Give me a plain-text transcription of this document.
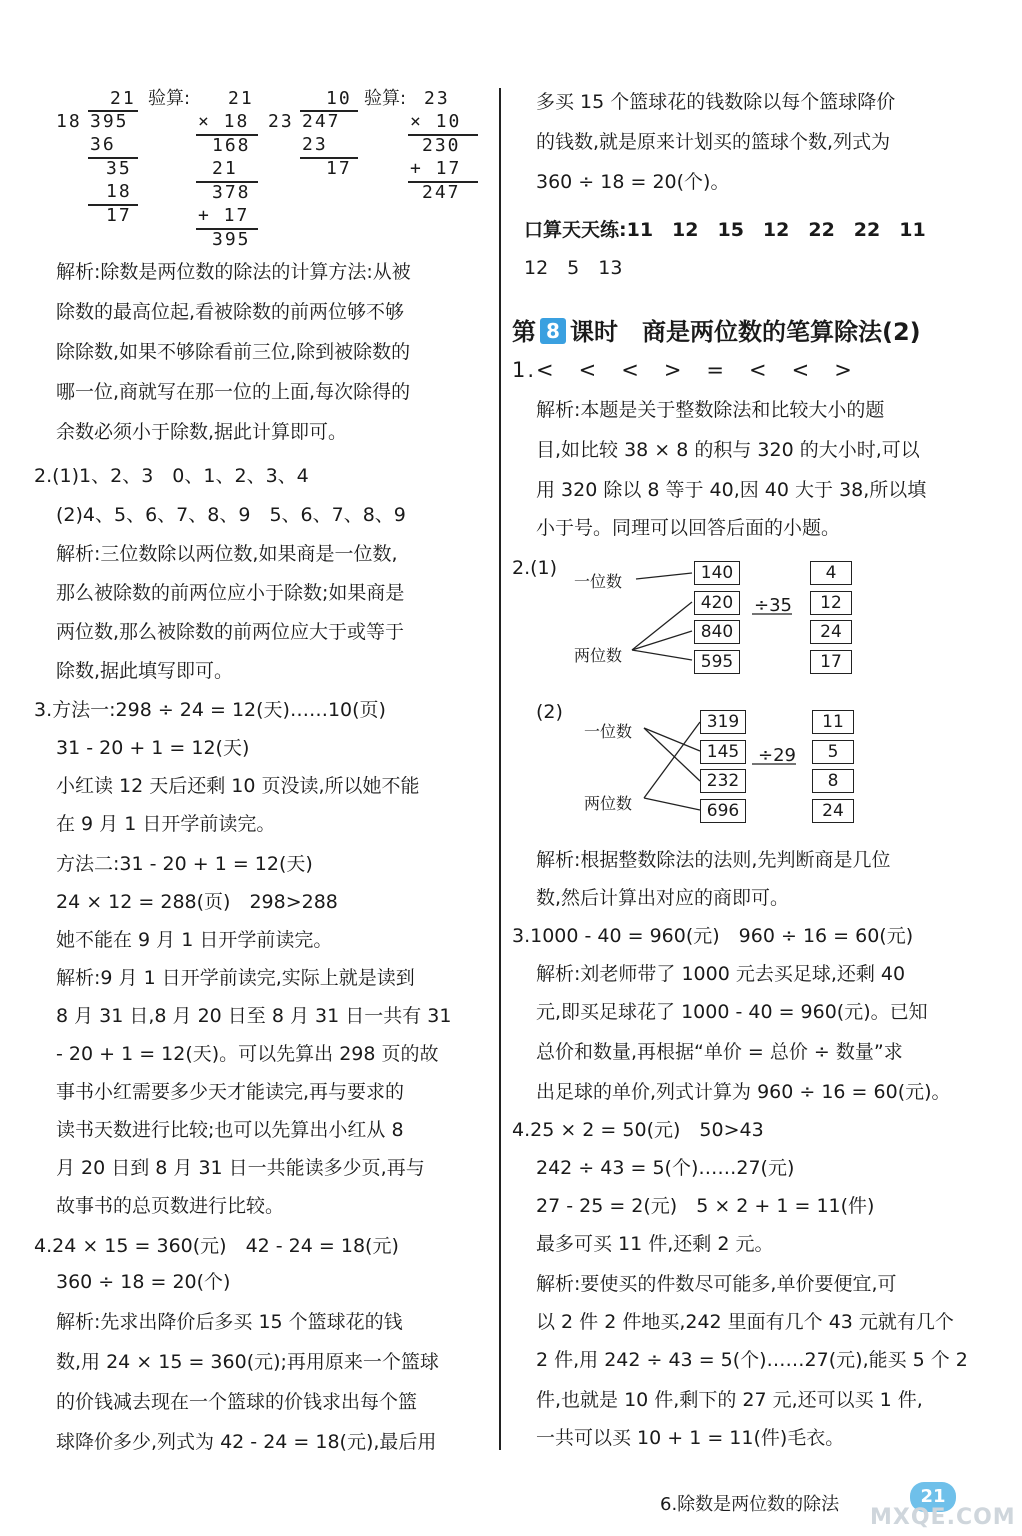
21 验算:
18 395
36
35
18
17
21
× 18
168
21
378
+ 17
395
10 验算:
23 247
23
17
23
× 10
230
+ 17
247
解析:除数是两位数的除法的计算方法:从被
除数的最高位起,看被除数的前两位够不够
除除数,如果不够除看前三位,除到被除数的
哪一位,商就写在那一位的上面,每次除得的
余数必须小于除数,据此计算即可。
2.(1)1、2、3　0、1、2、3、4
(2)4、5、6、7、8、9　5、6、7、8、9
解析:三位数除以两位数,如果商是一位数,
那么被除数的前两位应小于除数;如果商是
两位数,那么被除数的前两位应大于或等于
除数,据此填写即可。
3.方法一:298 ÷ 24 = 12(天)……10(页)
31 - 20 + 1 = 12(天)
小红读 12 天后还剩 10 页没读,所以她不能
在 9 月 1 日开学前读完。
方法二:31 - 20 + 1 = 12(天)
24 × 12 = 288(页)　298>288
她不能在 9 月 1 日开学前读完。
解析:9 月 1 日开学前读完,实际上就是读到
8 月 31 日,8 月 20 日至 8 月 31 日一共有 31
- 20 + 1 = 12(天)。可以先算出 298 页的故
事书小红需要多少天才能读完,再与要求的
读书天数进行比较;也可以先算出小红从 8
月 20 日到 8 月 31 日一共能读多少页,再与
故事书的总页数进行比较。
4.24 × 15 = 360(元)　42 - 24 = 18(元)
360 ÷ 18 = 20(个)
解析:先求出降价后多买 15 个篮球花的钱
数,用 24 × 15 = 360(元);再用原来一个篮球
的价钱减去现在一个篮球的价钱求出每个篮
球降价多少,列式为 42 - 24 = 18(元),最后用
多买 15 个篮球花的钱数除以每个篮球降价
的钱数,就是原来计划买的篮球个数,列式为
360 ÷ 18 = 20(个)。
口算天天练:11　12　15　12　22　22　11
12　5　13
第 8 课时　商是两位数的笔算除法(2)
1.<　<　<　>　=　<　<　>
解析:本题是关于整数除法和比较大小的题
目,如比较 38 × 8 的积与 320 的大小时,可以
用 320 除以 8 等于 40,因 40 大于 38,所以填
小于号。同理可以回答后面的小题。
2.(1)
(2)
一位数
两位数
一位数
两位数
140
420
840
595
4
12
24
17
÷35
319
145
232
696
11
5
8
24
÷29
解析:根据整数除法的法则,先判断商是几位
数,然后计算出对应的商即可。
3.1000 - 40 = 960(元)　960 ÷ 16 = 60(元)
解析:刘老师带了 1000 元去买足球,还剩 40
元,即买足球花了 1000 - 40 = 960(元)。已知
总价和数量,再根据“单价 = 总价 ÷ 数量”求
出足球的单价,列式计算为 960 ÷ 16 = 60(元)。
4.25 × 2 = 50(元)　50>43
242 ÷ 43 = 5(个)……27(元)
27 - 25 = 2(元)　5 × 2 + 1 = 11(件)
最多可买 11 件,还剩 2 元。
解析:要使买的件数尽可能多,单价要便宜,可
以 2 件 2 件地买,242 里面有几个 43 元就有几个
2 件,用 242 ÷ 43 = 5(个)……27(元),能买 5 个 2
件,也就是 10 件,剩下的 27 元,还可以买 1 件,
一共可以买 10 + 1 = 11(件)毛衣。
6.除数是两位数的除法	21
MXQE.COM
